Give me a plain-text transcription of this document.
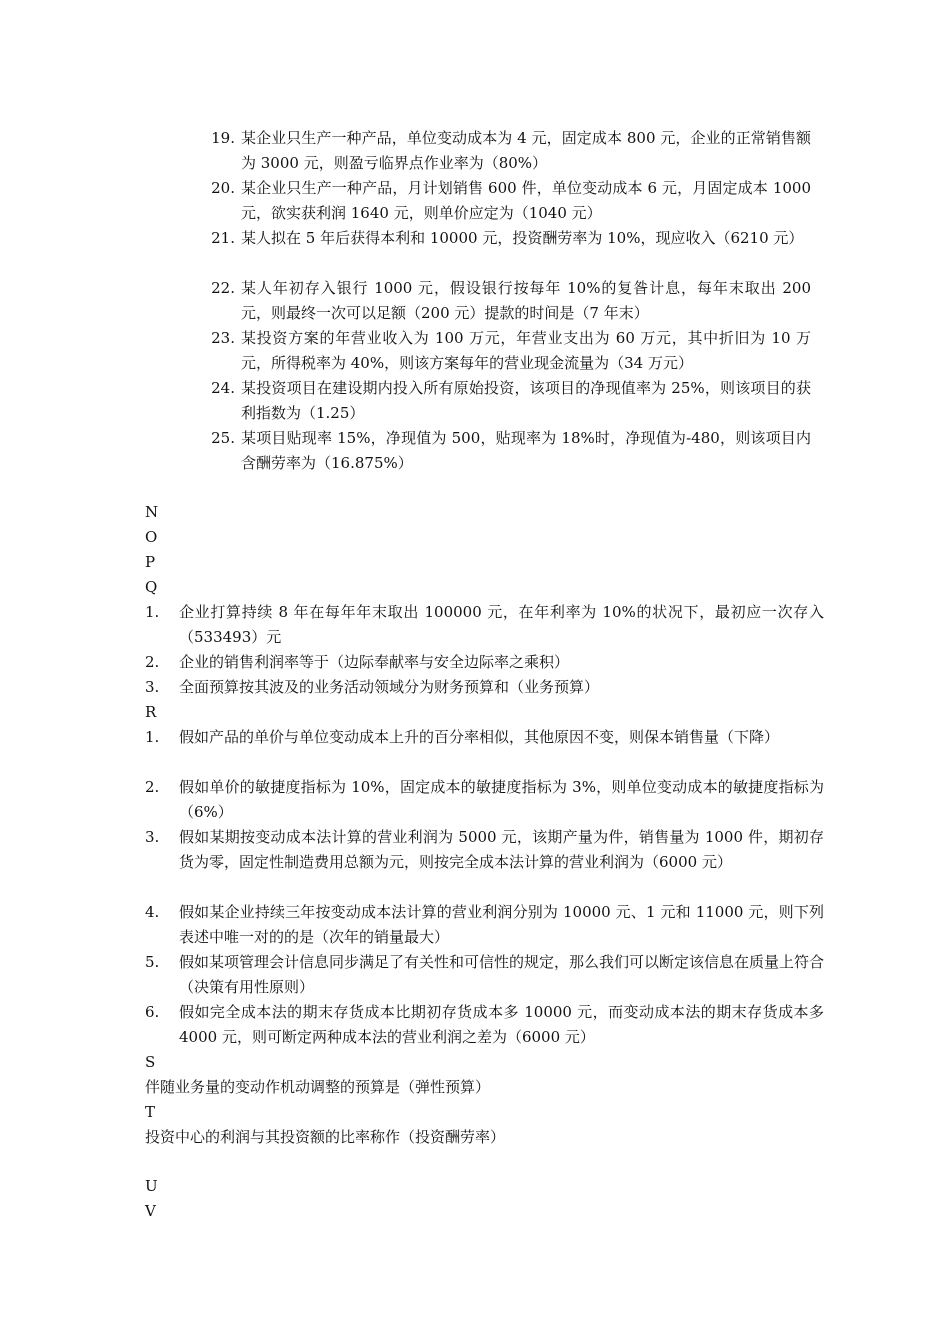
19. 某企业只生产一种产品，单位变动成本为 4 元，固定成本 800 元，企业的正常销售额为 3000 元，则盈亏临界点作业率为（80%）
20. 某企业只生产一种产品，月计划销售 600 件，单位变动成本 6 元，月固定成本 1000 元，欲实获利润 1640 元，则单价应定为（1040 元）
21. 某人拟在 5 年后获得本利和 10000 元，投资酬劳率为 10%，现应收入（6210 元）
22. 某人年初存入银行 1000 元，假设银行按每年 10%的复昝计息，每年末取出 200 元，则最终一次可以足额（200 元）提款的时间是（7 年末）
23. 某投资方案的年营业收入为 100 万元，年营业支出为 60 万元，其中折旧为 10 万元，所得税率为 40%，则该方案每年的营业现金流量为（34 万元）
24. 某投资项目在建设期内投入所有原始投资，该项目的净现值率为 25%，则该项目的获利指数为（1.25）
25. 某项目贴现率 15%，净现值为 500，贴现率为 18%时，净现值为-480，则该项目内含酬劳率为（16.875%）
N
O
P
Q
1. 企业打算持续 8 年在每年年末取出 100000 元，在年利率为 10%的状况下，最初应一次存入（533493）元
2. 企业的销售利润率等于（边际奉献率与安全边际率之乘积）
3. 全面预算按其波及的业务活动领域分为财务预算和（业务预算）
R
1. 假如产品的单价与单位变动成本上升的百分率相似，其他原因不变，则保本销售量（下降）
2. 假如单价的敏捷度指标为 10%，固定成本的敏捷度指标为 3%，则单位变动成本的敏捷度指标为（6%）
3. 假如某期按变动成本法计算的营业利润为 5000 元，该期产量为件，销售量为 1000 件，期初存货为零，固定性制造费用总额为元，则按完全成本法计算的营业利润为（6000 元）
4. 假如某企业持续三年按变动成本法计算的营业利润分别为 10000 元、1 元和 11000 元，则下列表述中唯一对的的是（次年的销量最大）
5. 假如某项管理会计信息同步满足了有关性和可信性的规定，那么我们可以断定该信息在质量上符合（决策有用性原则）
6. 假如完全成本法的期末存货成本比期初存货成本多 10000 元，而变动成本法的期末存货成本多 4000 元，则可断定两种成本法的营业利润之差为（6000 元）
S
伴随业务量的变动作机动调整的预算是（弹性预算）
T
投资中心的利润与其投资额的比率称作（投资酬劳率）
U
V
